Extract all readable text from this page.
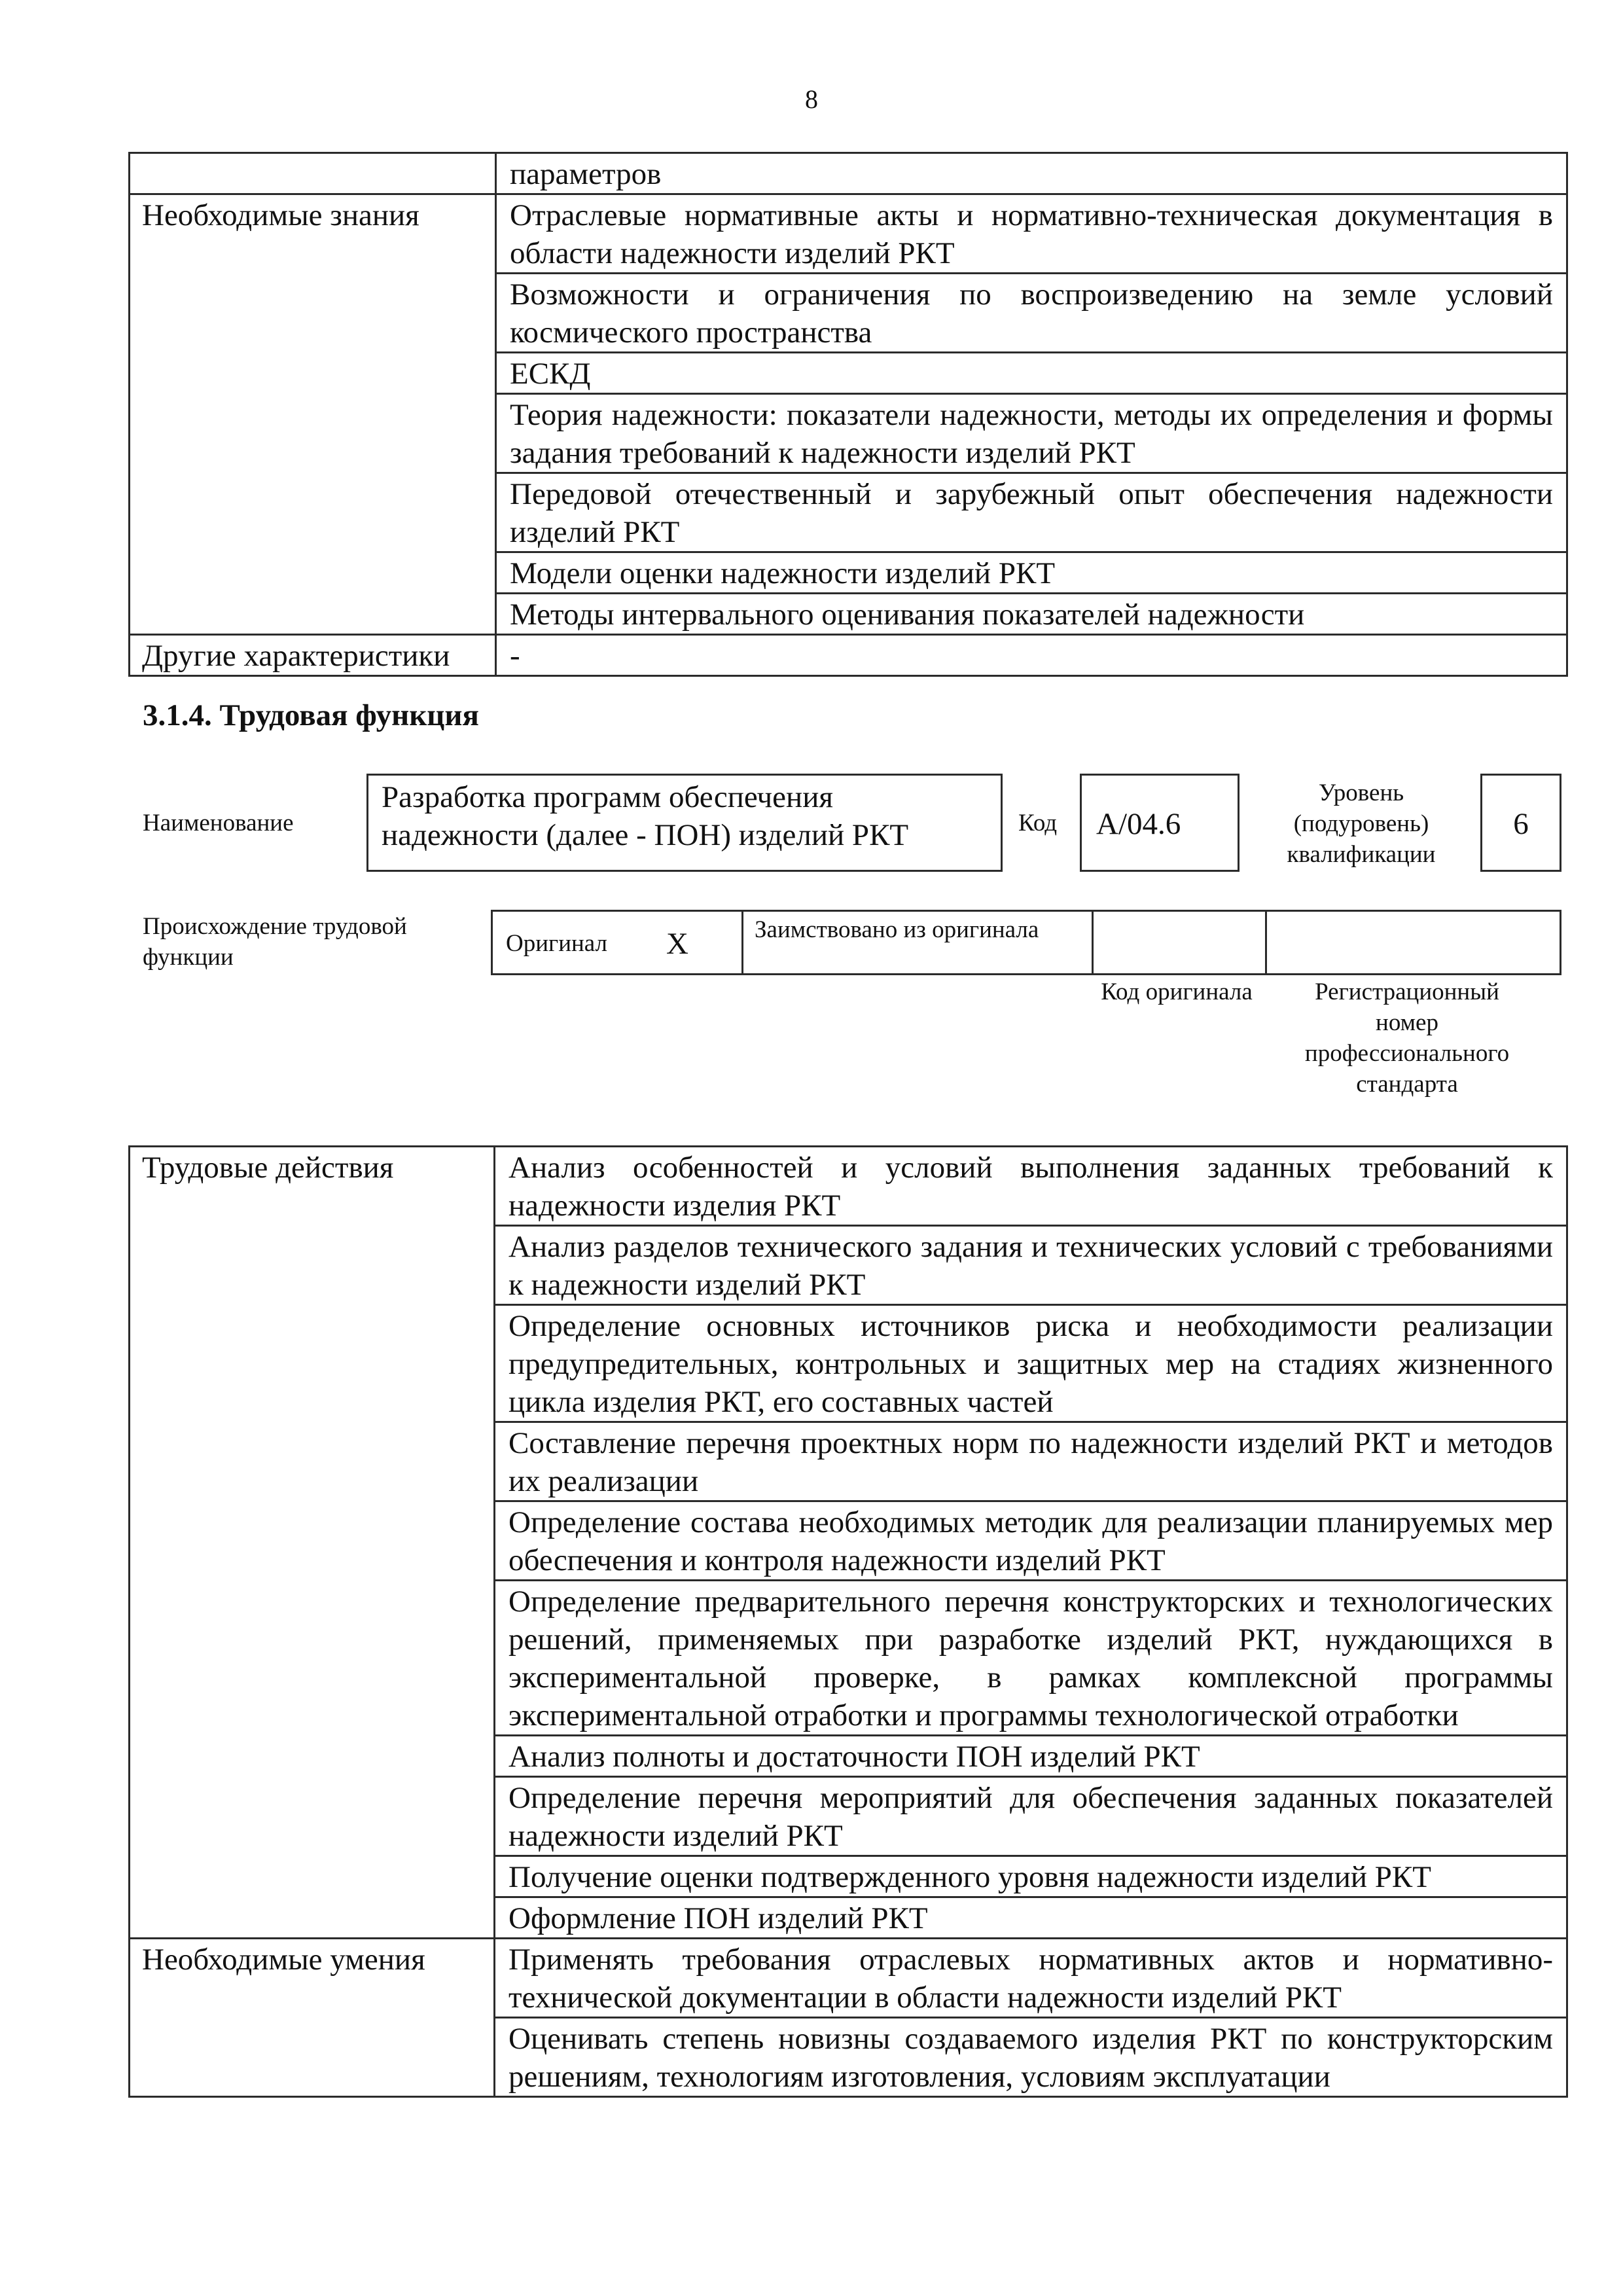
8
	параметров
Необходимые знания	Отраслевые нормативные акты и нормативно-техническая документация в области надежности изделий РКТ
	Возможности и ограничения по воспроизведению на земле условий космического пространства
	ЕСКД
	Теория надежности: показатели надежности, методы их определения и формы задания требований к надежности изделий РКТ
	Передовой отечественный и зарубежный опыт обеспечения надежности изделий РКТ
	Модели оценки надежности изделий РКТ
	Методы интервального оценивания показателей надежности
Другие характеристики	-
3.1.4. Трудовая функция
Наименование
Разработка программ обеспечения надежности (далее - ПОН) изделий РКТ	Код	A/04.6
Уровень (подуровень) квалификации
6
Происхождение трудовой функции
Оригинал X	Заимствовано из оригинала
Код оригинала	Регистрационный номер профессионального стандарта
Трудовые действия	Анализ особенностей и условий выполнения заданных требований к надежности изделия РКТ
	Анализ разделов технического задания и технических условий с требованиями к надежности изделий РКТ
	Определение основных источников риска и необходимости реализации предупредительных, контрольных и защитных мер на стадиях жизненного цикла изделия РКТ, его составных частей
	Составление перечня проектных норм по надежности изделий РКТ и методов их реализации
	Определение состава необходимых методик для реализации планируемых мер обеспечения и контроля надежности изделий РКТ
	Определение предварительного перечня конструкторских и технологических решений, применяемых при разработке изделий РКТ, нуждающихся в экспериментальной проверке, в рамках комплексной программы экспериментальной отработки и программы технологической отработки
	Анализ полноты и достаточности ПОН изделий РКТ
	Определение перечня мероприятий для обеспечения заданных показателей надежности изделий РКТ
	Получение оценки подтвержденного уровня надежности изделий РКТ
	Оформление ПОН изделий РКТ
Необходимые умения	Применять требования отраслевых нормативных актов и нормативно-технической документации в области надежности изделий РКТ
	Оценивать степень новизны создаваемого изделия РКТ по конструкторским решениям, технологиям изготовления, условиям эксплуатации
